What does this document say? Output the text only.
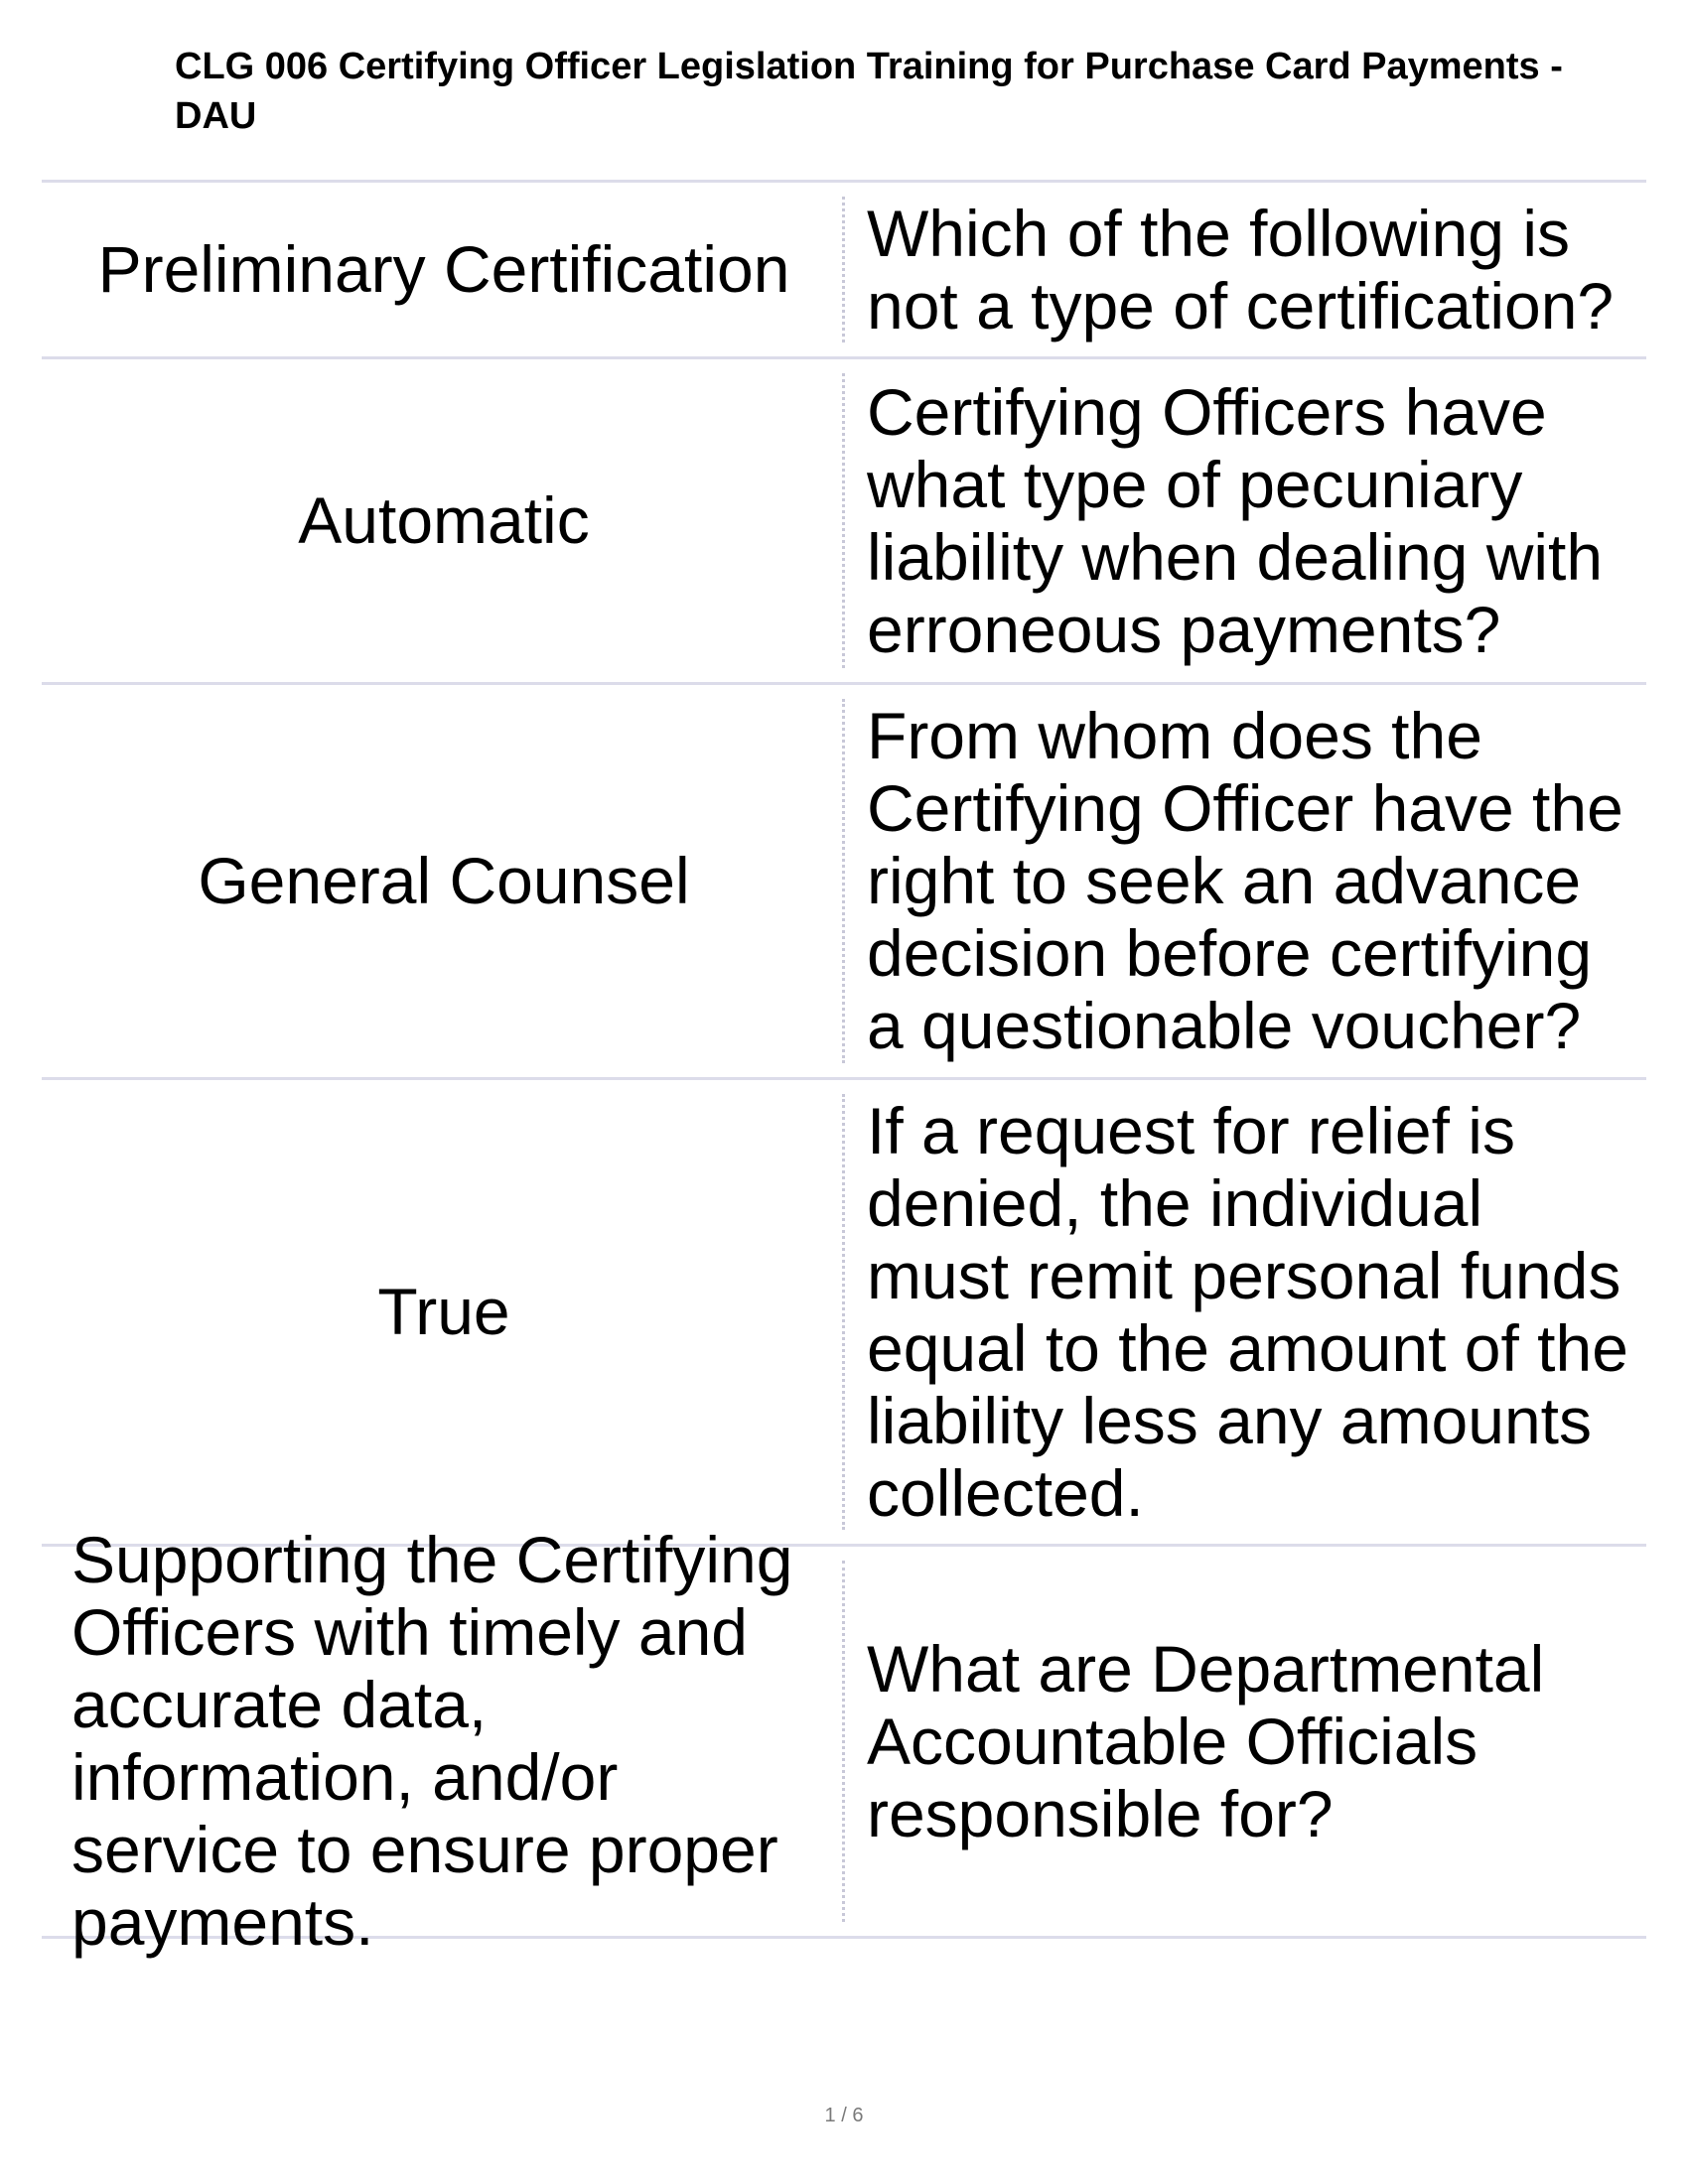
CLG 006 Certifying Officer Legislation Training for Purchase Card Payments -DAU
Preliminary Certification Which of the following is not a type of certification?
Automatic
Certifying Officers have what type of pecuniary liability when dealing with erroneous payments?
General Counsel
From whom does the Certifying Officer have the right to seek an advance decision before certifying a questionable voucher?
True
If a request for relief is denied, the individual must remit personal funds equal to the amount of the liability less any amounts collected.
Supporting the Certifying Officers with timely and accurate data, information, and/or service to ensure proper payments.
What are Departmental Accountable Officials responsible for?
1 / 6
